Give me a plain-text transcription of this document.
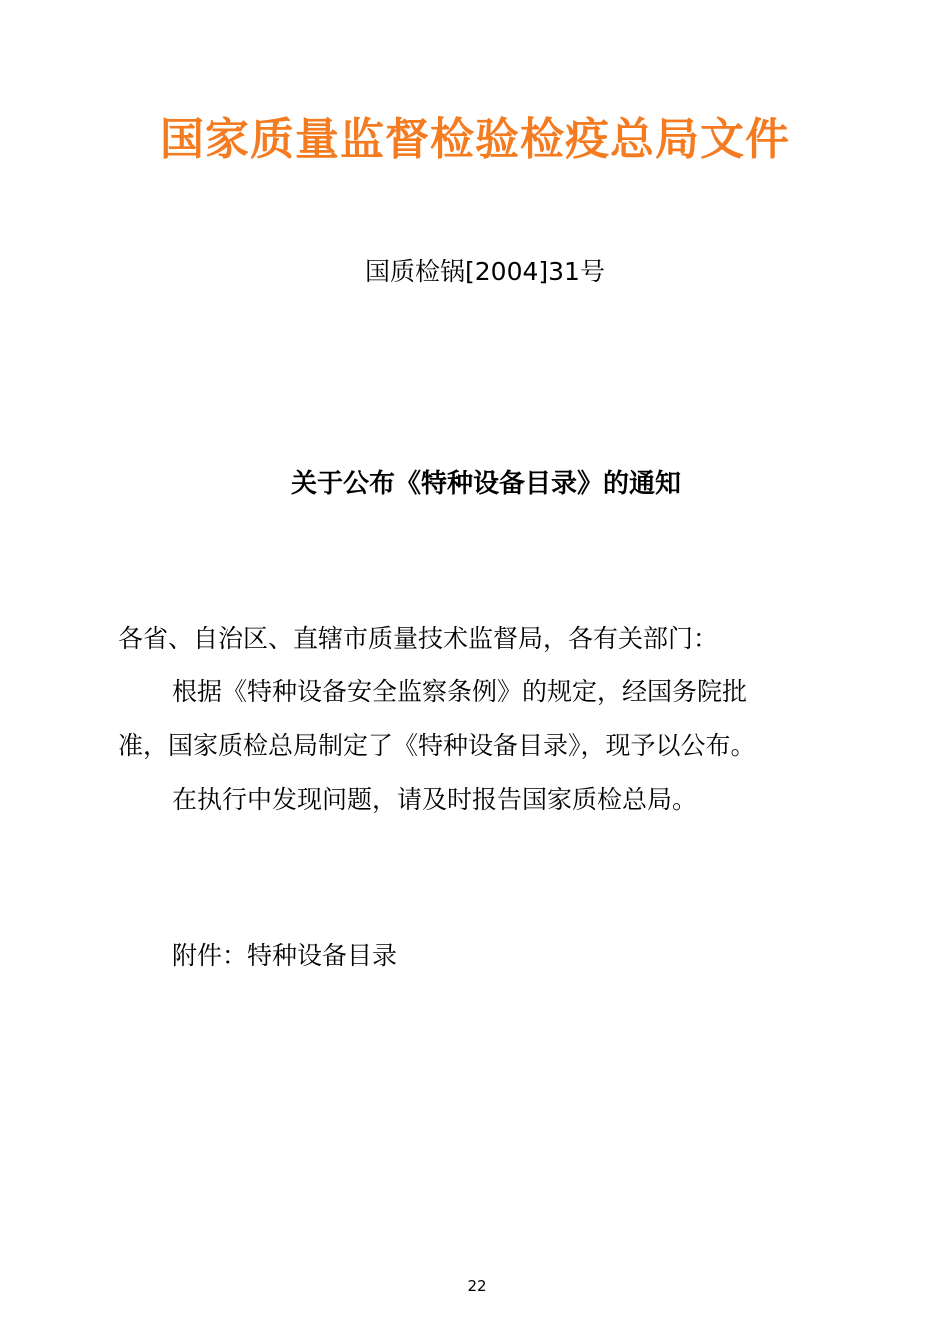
国家质量监督检验检疫总局文件
国质检锅[2004]31号
关于公布《特种设备目录》的通知
各省、自治区、直辖市质量技术监督局，各有关部门：
根据《特种设备安全监察条例》的规定，经国务院批
准，国家质检总局制定了《特种设备目录》，现予以公布。
在执行中发现问题，请及时报告国家质检总局。
附件：特种设备目录
22
